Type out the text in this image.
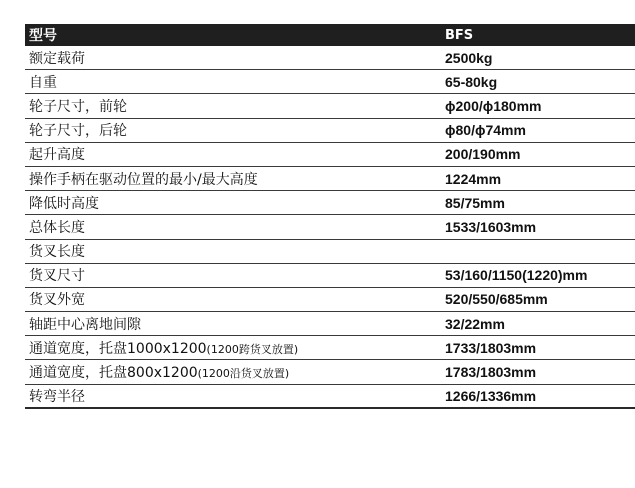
型号	BFS
额定载荷	2500kg
自重	65-80kg
轮子尺寸，前轮	ɸ200/ɸ180mm
轮子尺寸，后轮	ɸ80/ɸ74mm
起升高度	200/190mm
操作手柄在驱动位置的最小/最大高度	1224mm
降低时高度	85/75mm
总体长度	1533/1603mm
货叉长度
货叉尺寸	53/160/1150(1220)mm
货叉外宽	520/550/685mm
轴距中心离地间隙	32/22mm
通道宽度，托盘1000x1200(1200跨货叉放置)	1733/1803mm
通道宽度，托盘800x1200(1200沿货叉放置)	1783/1803mm
转弯半径	1266/1336mm
